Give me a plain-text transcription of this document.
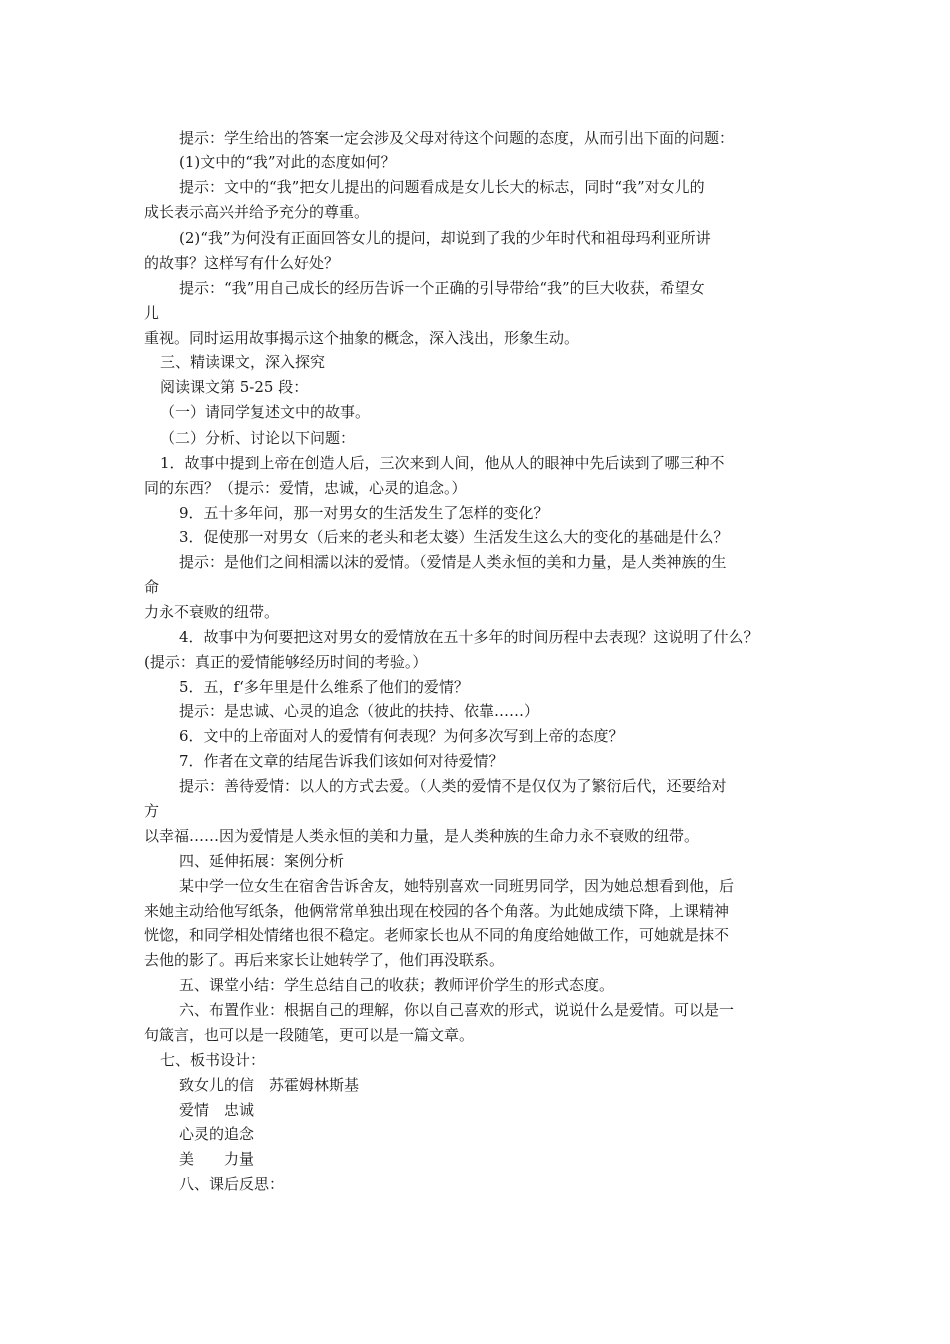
提示：学生给出的答案一定会涉及父母对待这个问题的态度，从而引出下面的问题：
(1)文中的“我”对此的态度如何？
提示：文中的“我”把女儿提出的问题看成是女儿长大的标志，同时“我”对女儿的
成长表示高兴并给予充分的尊重。
(2)“我”为何没有正面回答女儿的提问，却说到了我的少年时代和祖母玛利亚所讲
的故事？这样写有什么好处？
提示：“我”用自己成长的经历告诉一个正确的引导带给“我”的巨大收获，希望女
儿
重视。同时运用故事揭示这个抽象的概念，深入浅出，形象生动。
三、精读课文，深入探究
阅读课文第 5-25 段：
（一）请同学复述文中的故事。
（二）分析、讨论以下问题：
1．故事中提到上帝在创造人后，三次来到人间，他从人的眼神中先后读到了哪三种不
同的东西？（提示：爱情，忠诚，心灵的追念。）
9．五十多年问，那一对男女的生活发生了怎样的变化？
3．促使那一对男女（后来的老头和老太婆）生活发生这么大的变化的基础是什么？
提示：是他们之间相濡以沫的爱情。（爱情是人类永恒的美和力量，是人类神族的生
命
力永不衰败的纽带。
4．故事中为何要把这对男女的爱情放在五十多年的时间历程中去表现？这说明了什么？
(提示：真正的爱情能够经历时间的考验。）
5．五，f‘多年里是什么维系了他们的爱情？
提示：是忠诚、心灵的追念（彼此的扶持、依靠……）
6．文中的上帝面对人的爱情有何表现？为何多次写到上帝的态度？
7．作者在文章的结尾告诉我们该如何对待爱情？
提示：善待爱情：以人的方式去爱。（人类的爱情不是仅仅为了繁衍后代，还要给对
方
以幸福……因为爱情是人类永恒的美和力量，是人类种族的生命力永不衰败的纽带。
四、延伸拓展：案例分析
某中学一位女生在宿舍告诉舍友，她特别喜欢一同班男同学，因为她总想看到他，后
来她主动给他写纸条，他俩常常单独出现在校园的各个角落。为此她成绩下降，上课精神
恍惚，和同学相处情绪也很不稳定。老师家长也从不同的角度给她做工作，可她就是抹不
去他的影了。再后来家长让她转学了，他们再没联系。
五、课堂小结：学生总结自己的收获；教师评价学生的形式态度。
六、布置作业：根据自己的理解，你以自己喜欢的形式，说说什么是爱情。可以是一
句箴言，也可以是一段随笔，更可以是一篇文章。
七、板书设计：
致女儿的信　苏霍姆林斯基
爱情　忠诚
心灵的追念
美　　力量
八、课后反思：
